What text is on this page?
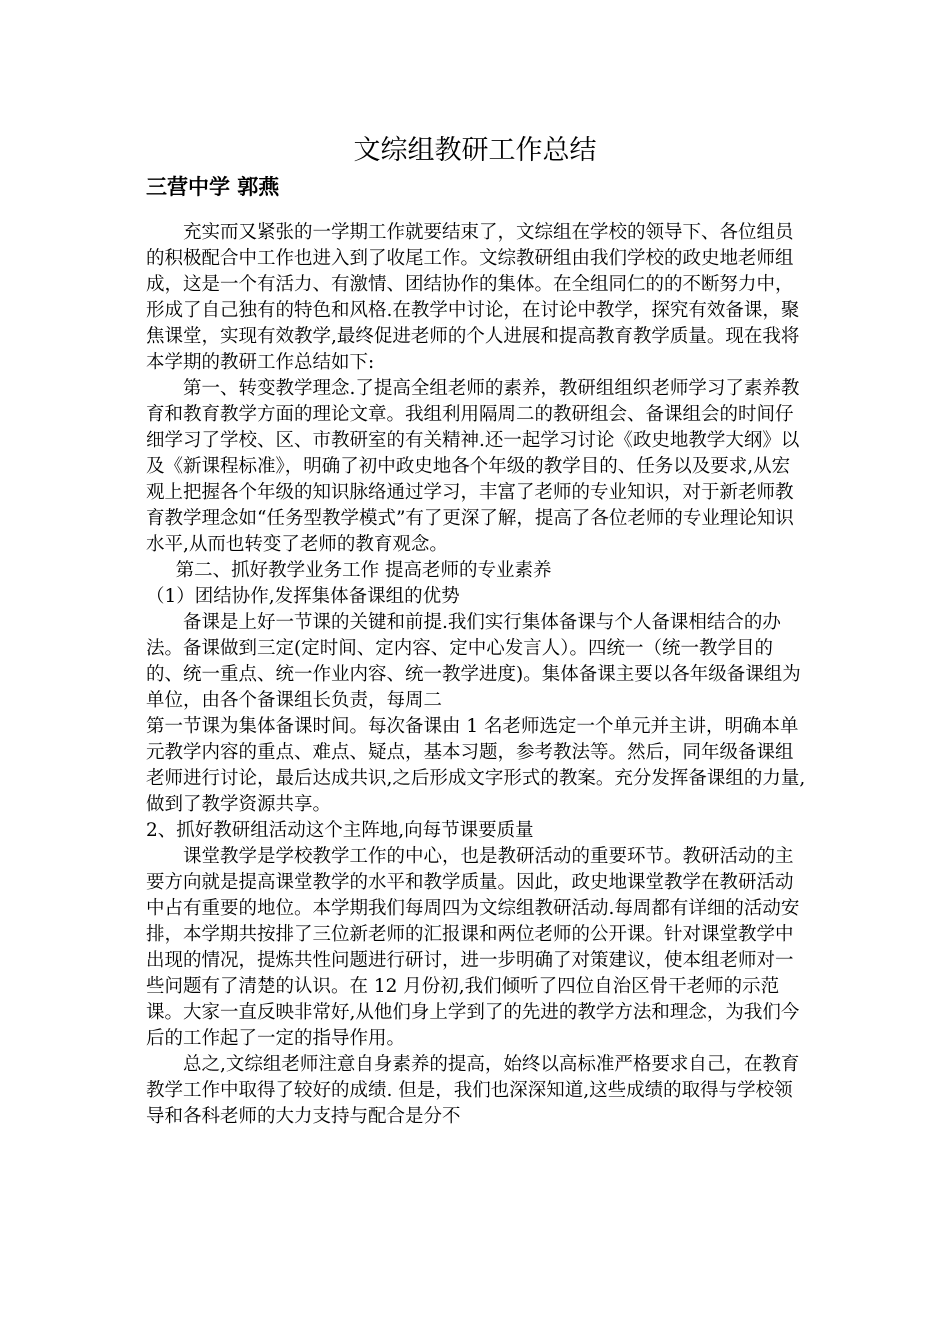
文综组教研工作总结

三营中学 郭燕

充实而又紧张的一学期工作就要结束了，文综组在学校的领导下、各位组员的积极配合中工作也进入到了收尾工作。文综教研组由我们学校的政史地老师组成，这是一个有活力、有激情、团结协作的集体。在全组同仁的的不断努力中，形成了自己独有的特色和风格.在教学中讨论，在讨论中教学，探究有效备课，聚焦课堂，实现有效教学,最终促进老师的个人进展和提高教育教学质量。现在我将本学期的教研工作总结如下:

第一、转变教学理念.了提高全组老师的素养，教研组组织老师学习了素养教育和教育教学方面的理论文章。我组利用隔周二的教研组会、备课组会的时间仔细学习了学校、区、市教研室的有关精神.还一起学习讨论《政史地教学大纲》以及《新课程标准》，明确了初中政史地各个年级的教学目的、任务以及要求,从宏观上把握各个年级的知识脉络通过学习，丰富了老师的专业知识，对于新老师教育教学理念如“任务型教学模式”有了更深了解，提高了各位老师的专业理论知识水平,从而也转变了老师的教育观念。

第二、抓好教学业务工作 提高老师的专业素养

（1）团结协作,发挥集体备课组的优势

备课是上好一节课的关键和前提.我们实行集体备课与个人备课相结合的办法。备课做到三定(定时间、定内容、定中心发言人）。四统一（统一教学目的的、统一重点、统一作业内容、统一教学进度)。集体备课主要以各年级备课组为单位，由各个备课组长负责，每周二

第一节课为集体备课时间。每次备课由 1 名老师选定一个单元并主讲，明确本单元教学内容的重点、难点、疑点，基本习题，参考教法等。然后，同年级备课组老师进行讨论，最后达成共识,之后形成文字形式的教案。充分发挥备课组的力量,做到了教学资源共享。

2、抓好教研组活动这个主阵地,向每节课要质量

课堂教学是学校教学工作的中心，也是教研活动的重要环节。教研活动的主要方向就是提高课堂教学的水平和教学质量。因此，政史地课堂教学在教研活动中占有重要的地位。本学期我们每周四为文综组教研活动.每周都有详细的活动安排，本学期共按排了三位新老师的汇报课和两位老师的公开课。针对课堂教学中出现的情况，提炼共性问题进行研讨，进一步明确了对策建议，使本组老师对一些问题有了清楚的认识。在 12 月份初,我们倾听了四位自治区骨干老师的示范课。大家一直反映非常好,从他们身上学到了的先进的教学方法和理念，为我们今后的工作起了一定的指导作用。

总之,文综组老师注意自身素养的提高，始终以高标准严格要求自己，在教育教学工作中取得了较好的成绩. 但是，我们也深深知道,这些成绩的取得与学校领导和各科老师的大力支持与配合是分不
